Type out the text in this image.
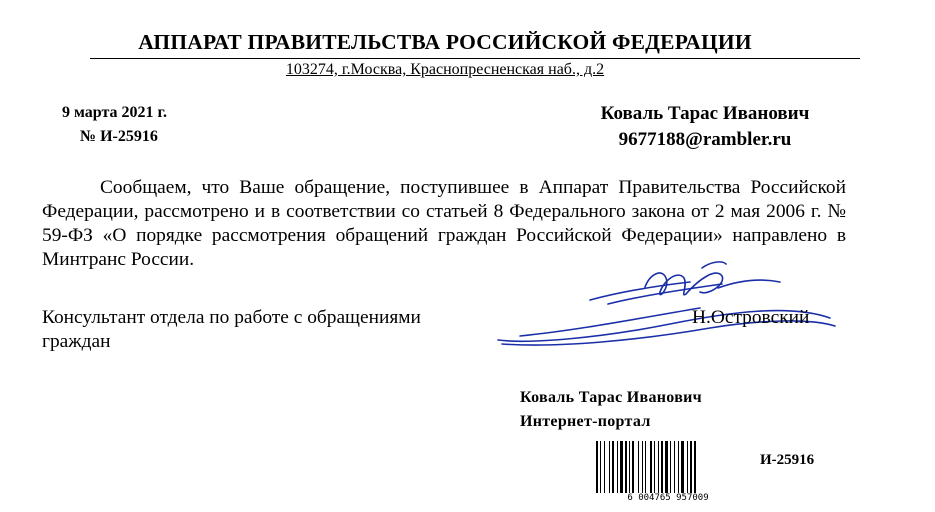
АППАРАТ ПРАВИТЕЛЬСТВА РОССИЙСКОЙ ФЕДЕРАЦИИ
103274, г.Москва, Краснопресненская наб., д.2
9 марта 2021 г.
№ И-25916
Коваль Тарас Иванович
9677188@rambler.ru
Сообщаем, что Ваше обращение, поступившее в Аппарат Правительства Российской Федерации, рассмотрено и в соответствии со статьей 8 Федерального закона от 2 мая 2006 г. № 59-ФЗ «О порядке рассмотрения обращений граждан Российской Федерации» направлено в Минтранс России.
Консультант отдела по работе с обращениями граждан
Н.Островский
Коваль Тарас Иванович
Интернет-портал
6 004765 957009
И-25916
